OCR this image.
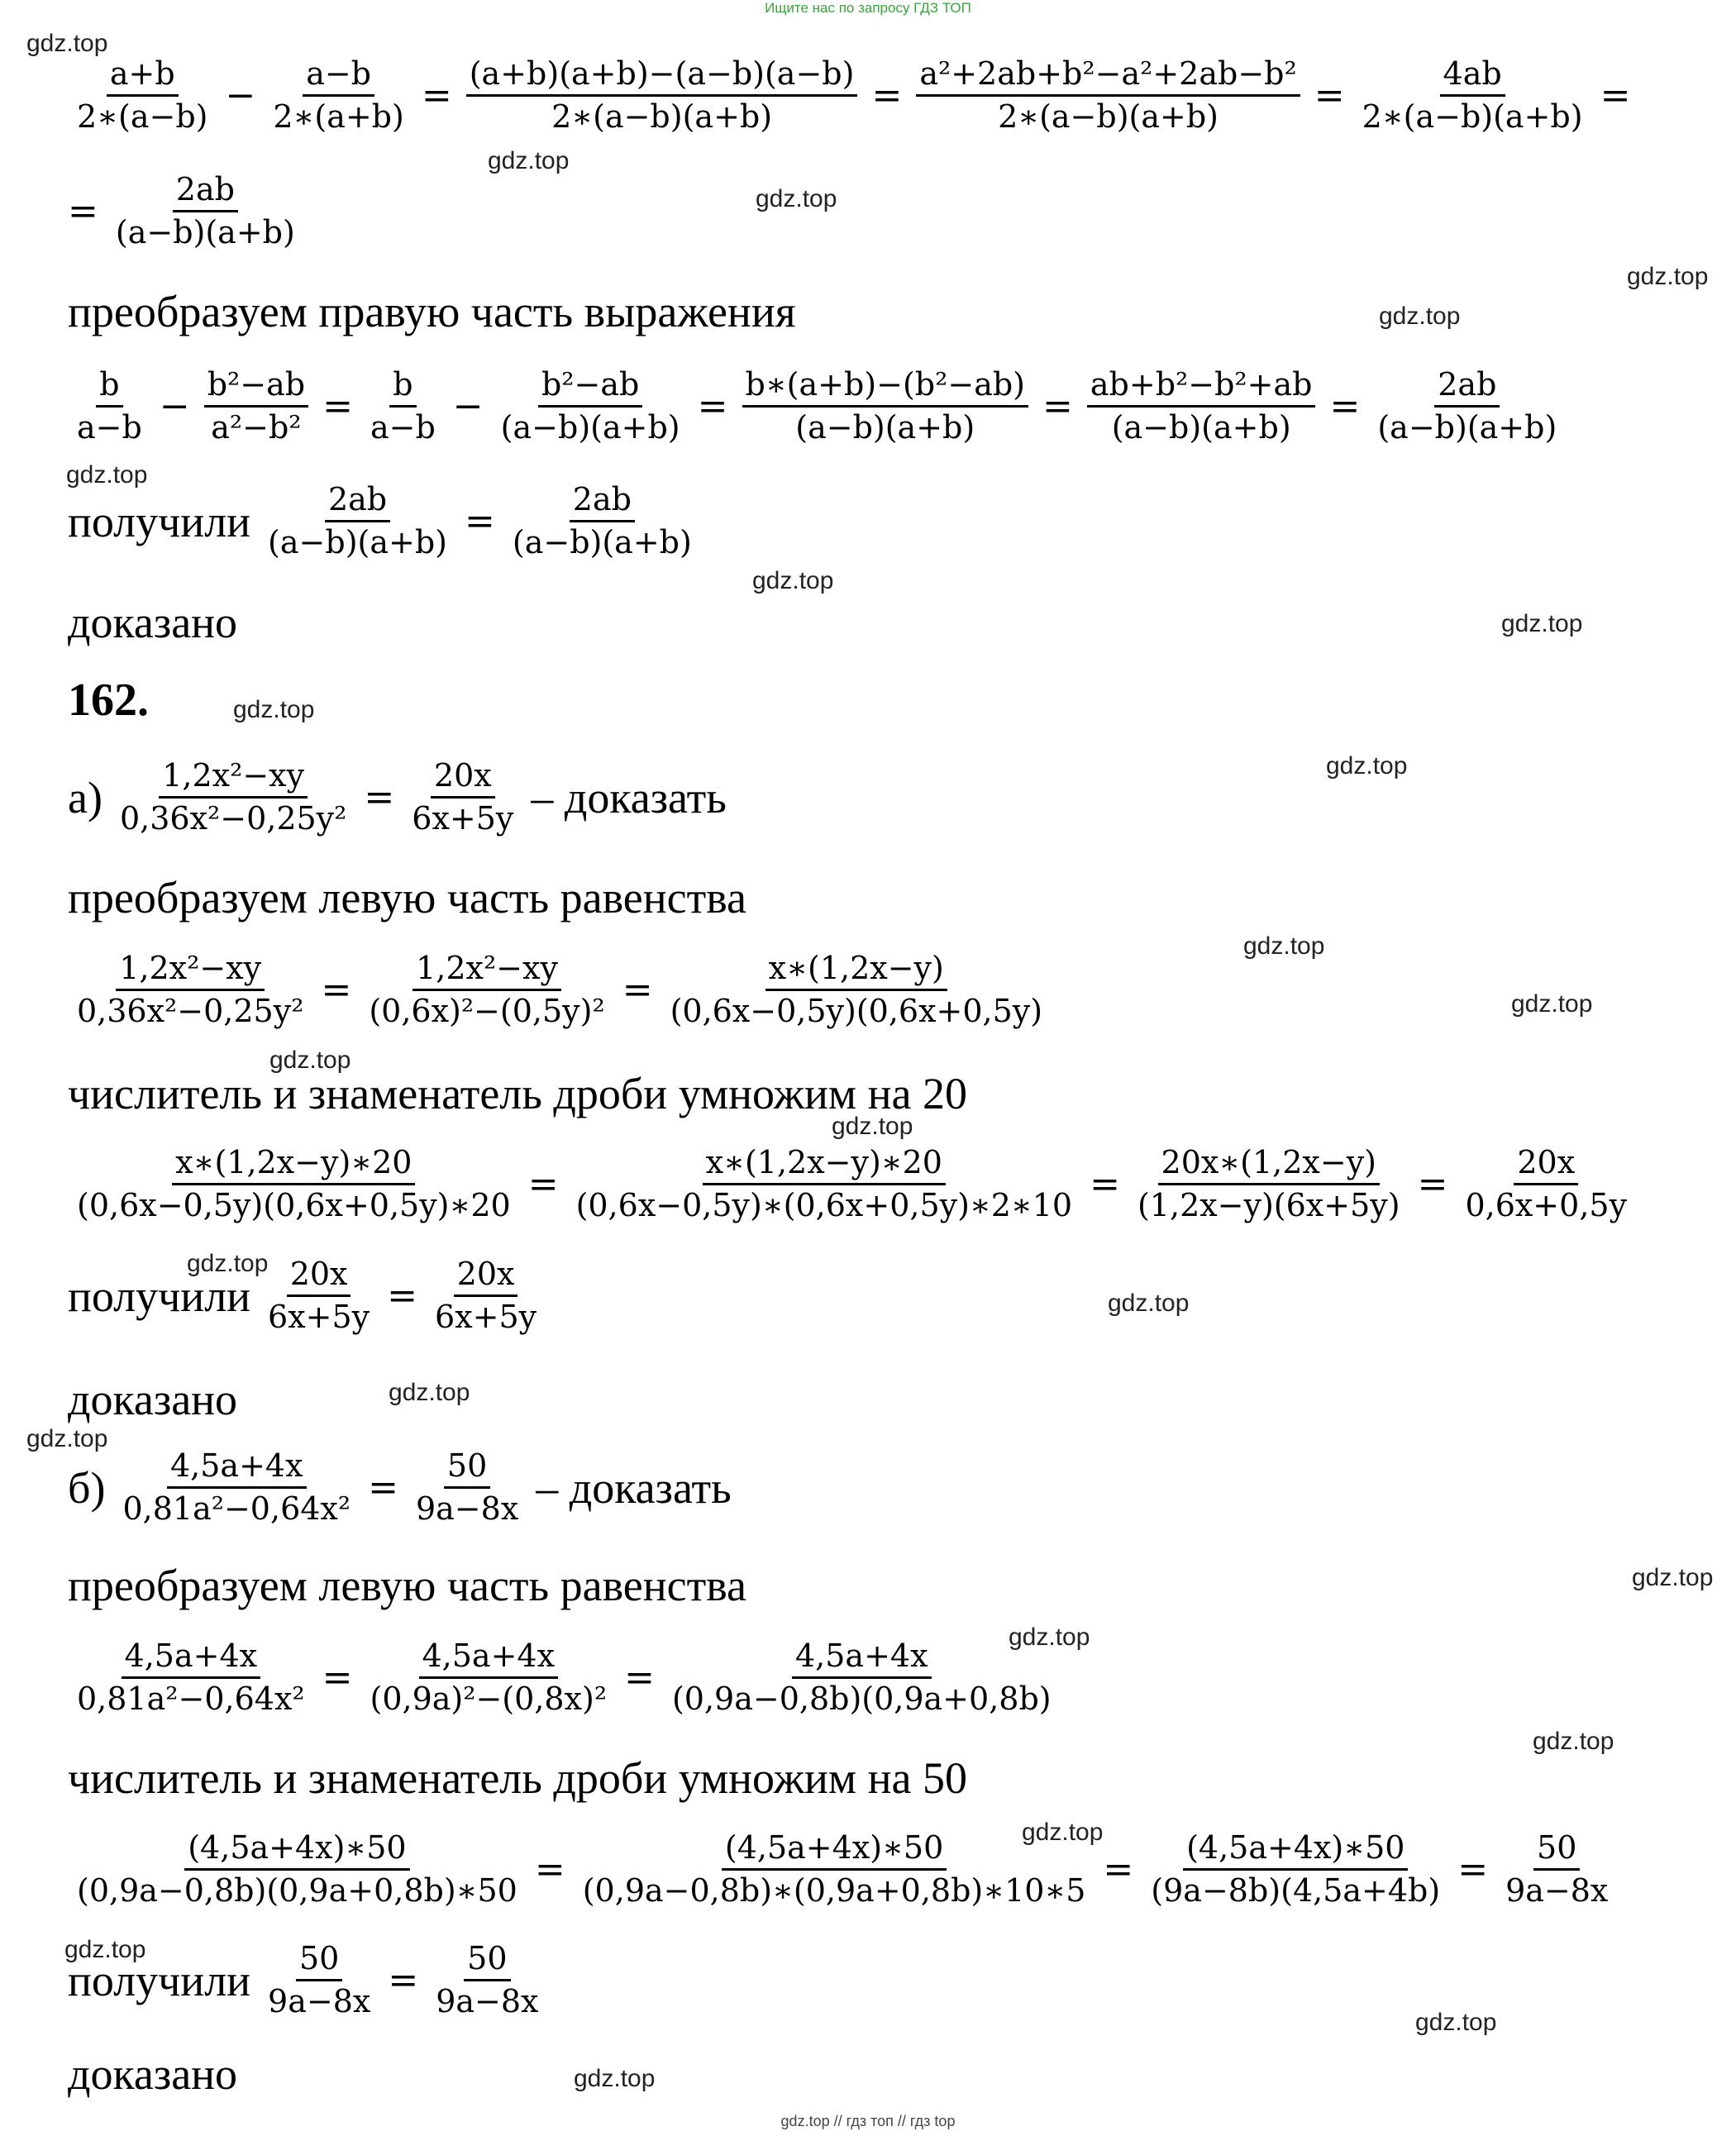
Ищите нас по запросу ГДЗ ТОП
$\frac{a+b}{2∗(a-b)} - \frac{a-b}{2∗(a+b)} = \frac{(a+b)(a+b)-(a-b)(a-b)}{2∗(a-b)(a+b)} = \frac{\text{a²+2ab+b²−a²+2ab−b²}}{2∗(a-b)(a+b)} = \frac{4ab}{2∗(a-b)(a+b)}$ =
= $\frac{2ab}{(a-b)(a+b)}$
преобразуем правую часть выражения
$\frac{b}{a-b} - \frac{\text{b²−ab}}{\text{a²−b²}} = \frac{b}{a-b} - \frac{\text{b²−ab}}{(a-b)(a+b)} = \frac{\text{b∗(a+b)−(b²−ab)}}{(a-b)(a+b)} = \frac{\text{ab+b²−b²+ab}}{(a-b)(a+b)} = \frac{2ab}{(a-b)(a+b)}$
получили $\frac{2ab}{(a-b)(a+b)} = \frac{2ab}{(a-b)(a+b)}$
доказано
162.
$а) \frac{\text{1,2x²−xy}}{\text{0,36x²−0,25y²}} = \frac{20x}{6x+5y}$ – доказать
преобразуем левую часть равенства
$\frac{\text{1,2x²−xy}}{\text{0,36x²−0,25y²}} = \frac{\text{1,2x²−xy}}{\text{(0,6x)²−(0,5y)²}} = \frac{x∗(1,2x-y)}{(0,6x-0,5y)(0,6x+0,5y)}$
числитель и знаменатель дроби умножим на 20
$\frac{x∗(1,2x-y)∗20}{(0,6x-0,5y)(0,6x+0,5y)∗20} = \frac{x∗(1,2x-y)∗20}{(0,6x-0,5y)∗(0,6x+0,5y)∗2∗10} = \frac{20x∗(1,2x-y)}{(1,2x-y)(6x+5y)} = \frac{20x}{0,6x+0,5y}$
получили $\frac{20x}{6x+5y} = \frac{20x}{6x+5y}$
доказано
$б) \frac{4,5a+4x}{\text{0,81a²−0,64x²}} = \frac{50}{9a-8x}$ – доказать
преобразуем левую часть равенства
$\frac{4,5a+4x}{\text{0,81a²−0,64x²}} = \frac{4,5a+4x}{\text{(0,9a)²−(0,8x)²}} = \frac{4,5a+4x}{(0,9a-0,8b)(0,9a+0,8b)}$
числитель и знаменатель дроби умножим на 50
$\frac{(4,5a+4x)∗50}{(0,9a-0,8b)(0,9a+0,8b)∗50} = \frac{(4,5a+4x)∗50}{(0,9a-0,8b)∗(0,9a+0,8b)∗10∗5} = \frac{(4,5a+4x)∗50}{(9a-8b)(4,5a+4b)} = \frac{50}{9a-8x}$
получили $\frac{50}{9a-8x} = \frac{50}{9a-8x}$
доказано
gdz.top
gdz.top
gdz.top
gdz.top
gdz.top
gdz.top
gdz.top
gdz.top
gdz.top
gdz.top
gdz.top
gdz.top
gdz.top
gdz.top
gdz.top
gdz.top
gdz.top
gdz.top
gdz.top
gdz.top
gdz.top
gdz.top
gdz.top
gdz.top
gdz.top
gdz.top // гдз топ // гдз top
